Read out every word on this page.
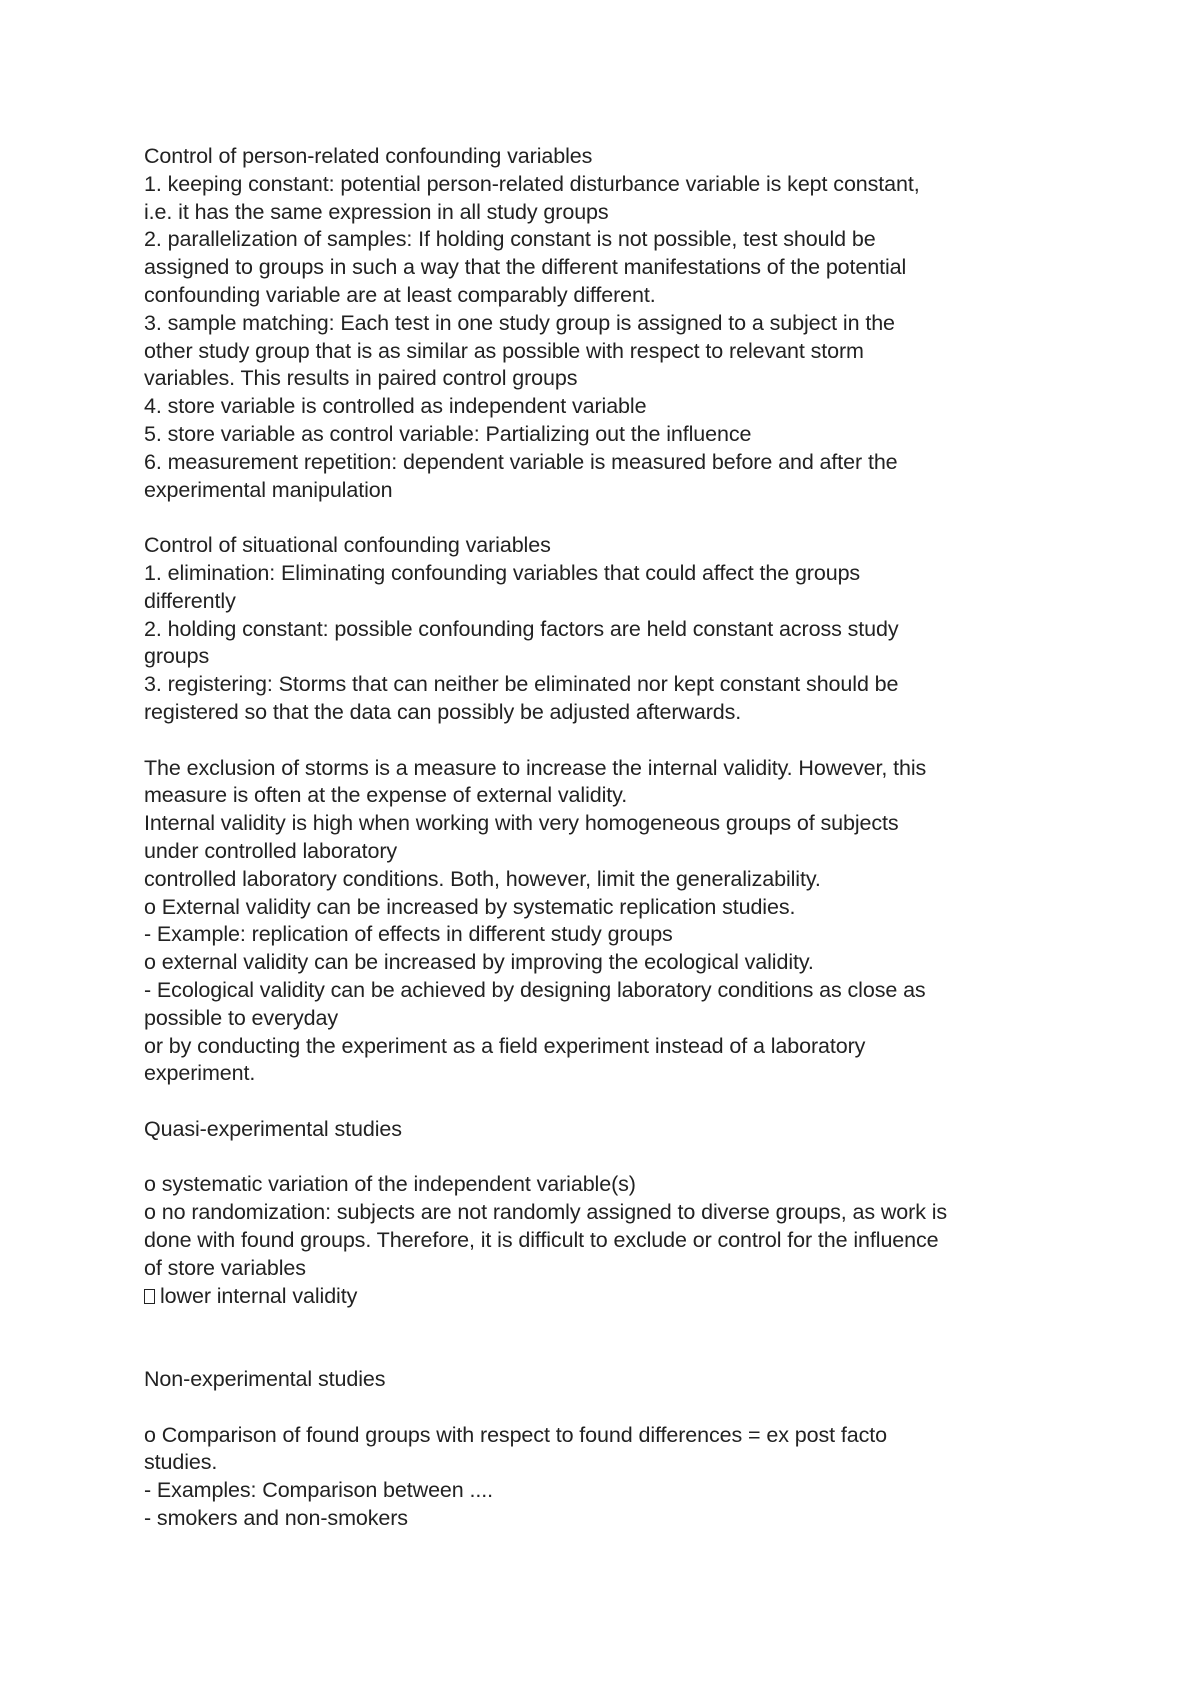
Control of person-related confounding variables
1. keeping constant: potential person-related disturbance variable is kept constant,
i.e. it has the same expression in all study groups
2. parallelization of samples: If holding constant is not possible, test should be
assigned to groups in such a way that the different manifestations of the potential
confounding variable are at least comparably different.
3. sample matching: Each test in one study group is assigned to a subject in the
other study group that is as similar as possible with respect to relevant storm
variables. This results in paired control groups
4. store variable is controlled as independent variable
5. store variable as control variable: Partializing out the influence
6. measurement repetition: dependent variable is measured before and after the
experimental manipulation
Control of situational confounding variables
1. elimination: Eliminating confounding variables that could affect the groups
differently
2. holding constant: possible confounding factors are held constant across study
groups
3. registering: Storms that can neither be eliminated nor kept constant should be
registered so that the data can possibly be adjusted afterwards.
The exclusion of storms is a measure to increase the internal validity. However, this
measure is often at the expense of external validity.
Internal validity is high when working with very homogeneous groups of subjects
under controlled laboratory
controlled laboratory conditions. Both, however, limit the generalizability.
o External validity can be increased by systematic replication studies.
- Example: replication of effects in different study groups
o external validity can be increased by improving the ecological validity.
- Ecological validity can be achieved by designing laboratory conditions as close as
possible to everyday
or by conducting the experiment as a field experiment instead of a laboratory
experiment.
Quasi-experimental studies
o systematic variation of the independent variable(s)
o no randomization: subjects are not randomly assigned to diverse groups, as work is
done with found groups. Therefore, it is difficult to exclude or control for the influence
of store variables
lower internal validity
Non-experimental studies
o Comparison of found groups with respect to found differences = ex post facto
studies.
- Examples: Comparison between ....
- smokers and non-smokers
